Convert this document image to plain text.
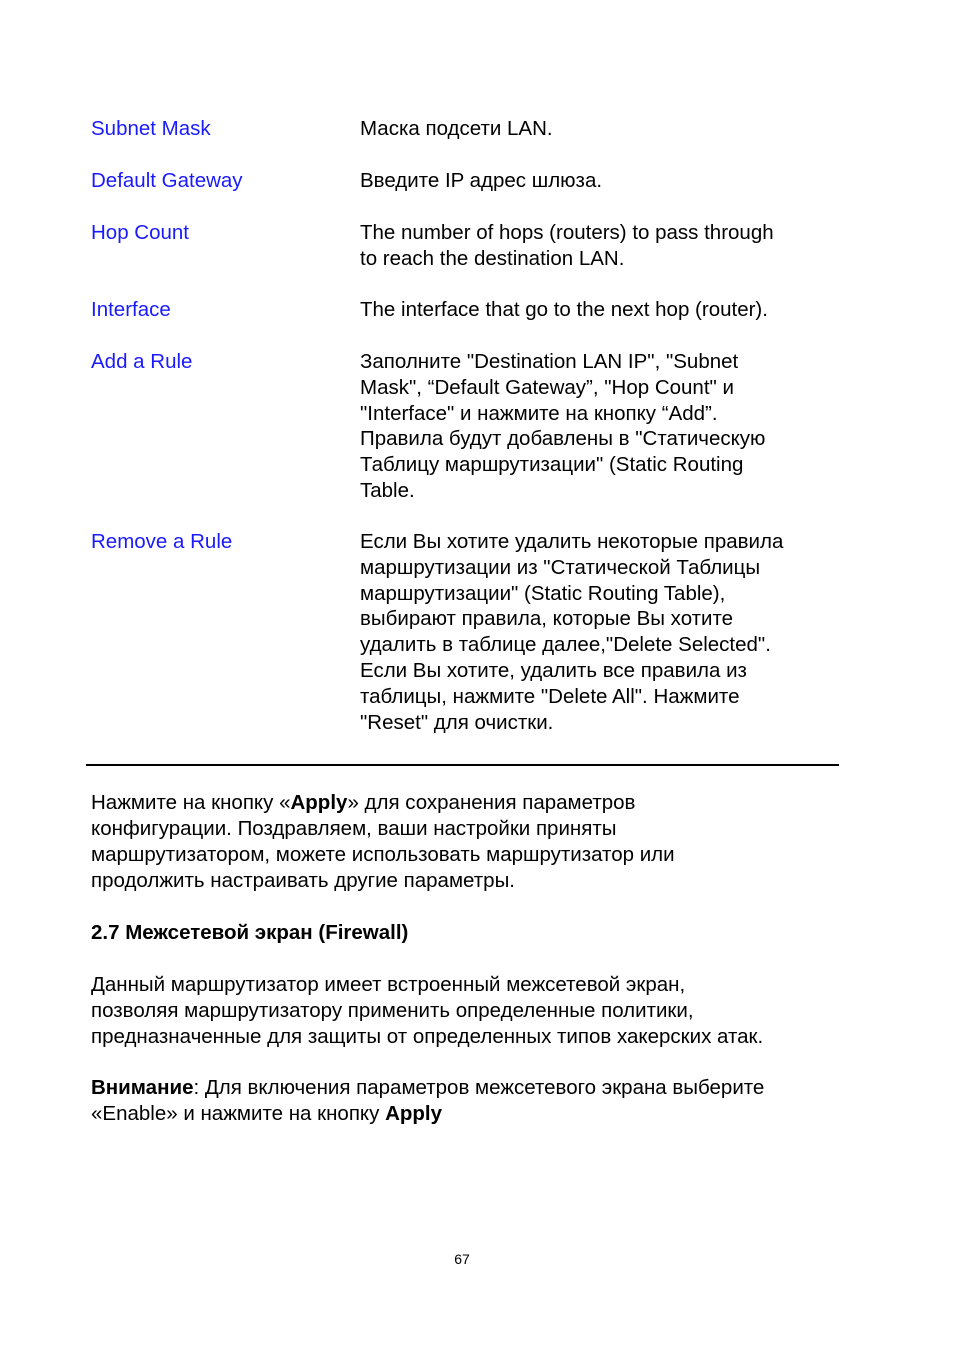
Subnet Mask	Маска подсети LAN.
Default Gateway	Введите IP адрес шлюза.
Hop Count	The number of hops (routers) to pass through
to reach the destination LAN.
Interface	The interface that go to the next hop (router).
Add a Rule	Заполните "Destination LAN IP", "Subnet
Mask", “Default Gateway”, "Hop Count" и
"Interface" и нажмите на кнопку “Add”.
Правила будут добавлены в "Статическую
Таблицу маршрутизации" (Static Routing
Table.
Remove a Rule	Если Вы хотите удалить некоторые правила
маршрутизации из "Статической Таблицы
маршрутизации" (Static Routing Table),
выбирают правила, которые Вы хотите
удалить в таблице далее,"Delete Selected".
Если Вы хотите, удалить все правила из
таблицы, нажмите "Delete All". Нажмите
"Reset" для очистки.
Нажмите на кнопку «Apply» для сохранения параметров
конфигурации. Поздравляем, ваши настройки приняты
маршрутизатором, можете использовать маршрутизатор или
продолжить настраивать другие параметры.
2.7 Межсетевой экран (Firewall)
Данный маршрутизатор имеет встроенный межсетевой экран,
позволяя маршрутизатору применить определенные политики,
предназначенные для защиты от определенных типов хакерских атак.
Внимание: Для включения параметров межсетевого экрана выберите
«Enable» и нажмите на кнопку Apply
67
